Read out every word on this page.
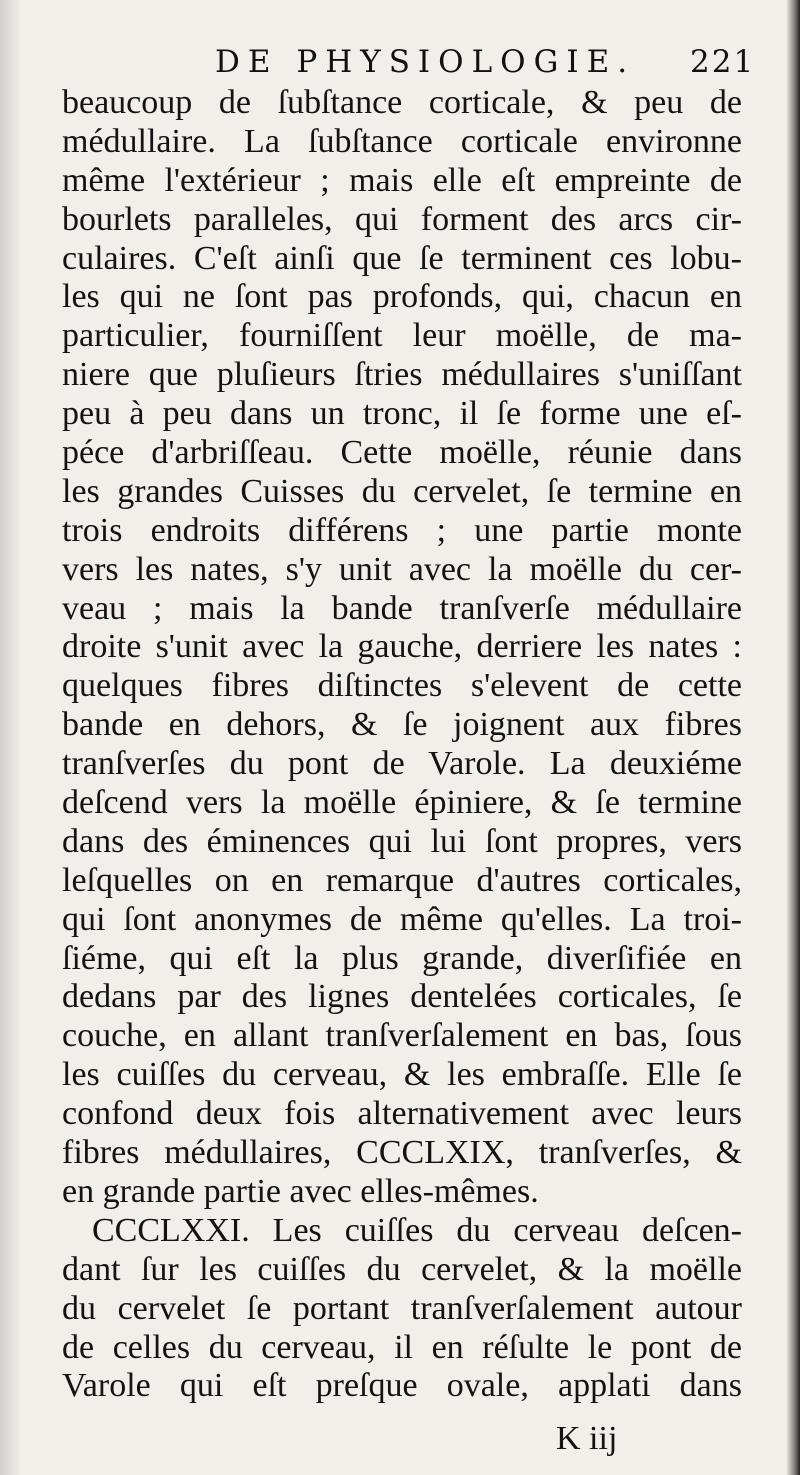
DE PHYSIOLOGIE. 221
beaucoup de ſubſtance corticale, & peu de
médullaire. La ſubſtance corticale environne
même l'extérieur ; mais elle eſt empreinte de
bourlets paralleles, qui forment des arcs cir-
culaires. C'eſt ainſi que ſe terminent ces lobu-
les qui ne ſont pas profonds, qui, chacun en
particulier, fourniſſent leur moëlle, de ma-
niere que pluſieurs ſtries médullaires s'uniſſant
peu à peu dans un tronc, il ſe forme une eſ-
péce d'arbriſſeau. Cette moëlle, réunie dans
les grandes Cuisses du cervelet, ſe termine en
trois endroits différens ; une partie monte
vers les nates, s'y unit avec la moëlle du cer-
veau ; mais la bande tranſverſe médullaire
droite s'unit avec la gauche, derriere les nates :
quelques fibres diſtinctes s'elevent de cette
bande en dehors, & ſe joignent aux fibres
tranſverſes du pont de Varole. La deuxiéme
deſcend vers la moëlle épiniere, & ſe termine
dans des éminences qui lui ſont propres, vers
leſquelles on en remarque d'autres corticales,
qui ſont anonymes de même qu'elles. La troi-
ſiéme, qui eſt la plus grande, diverſifiée en
dedans par des lignes dentelées corticales, ſe
couche, en allant tranſverſalement en bas, ſous
les cuiſſes du cerveau, & les embraſſe. Elle ſe
confond deux fois alternativement avec leurs
fibres médullaires, CCCLXIX, tranſverſes, &
en grande partie avec elles-mêmes.
CCCLXXI. Les cuiſſes du cerveau deſcen-
dant ſur les cuiſſes du cervelet, & la moëlle
du cervelet ſe portant tranſverſalement autour
de celles du cerveau, il en réſulte le pont de
Varole qui eſt preſque ovale, applati dans
K iij
